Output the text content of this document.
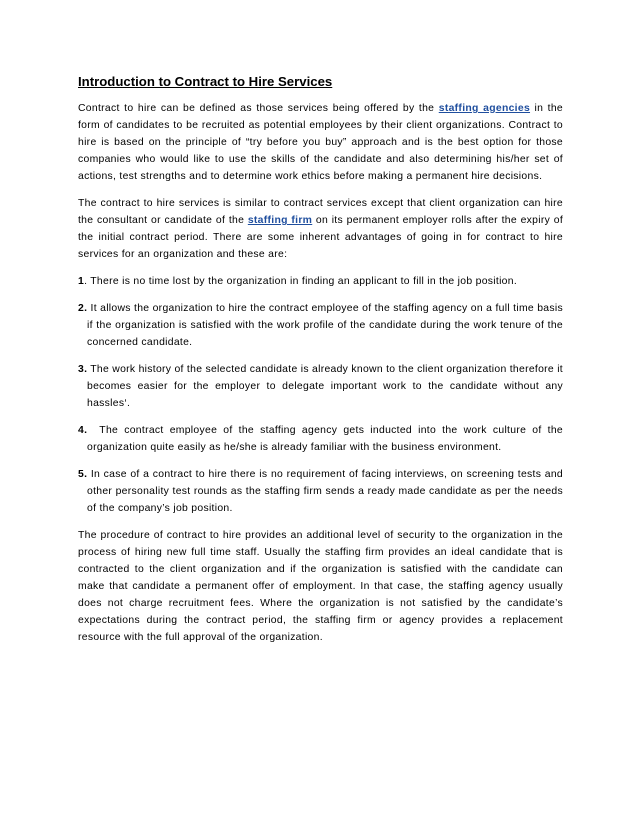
Introduction to Contract to Hire Services

Contract to hire can be defined as those services being offered by the staffing agencies in the form of candidates to be recruited as potential employees by their client organizations. Contract to hire is based on the principle of “try before you buy” approach and is the best option for those companies who would like to use the skills of the candidate and also determining his/her set of actions, test strengths and to determine work ethics before making a permanent hire decisions.

The contract to hire services is similar to contract services except that client organization can hire the consultant or candidate of the staffing firm on its permanent employer rolls after the expiry of the initial contract period. There are some inherent advantages of going in for contract to hire services for an organization and these are:

1. There is no time lost by the organization in finding an applicant to fill in the job position.
2. It allows the organization to hire the contract employee of the staffing agency on a full time basis if the organization is satisfied with the work profile of the candidate during the work tenure of the concerned candidate.
3. The work history of the selected candidate is already known to the client organization therefore it becomes easier for the employer to delegate important work to the candidate without any hassles‘.
4.  The contract employee of the staffing agency gets inducted into the work culture of the organization quite easily as he/she is already familiar with the business environment.
5. In case of a contract to hire there is no requirement of facing interviews, on screening tests and other personality test rounds as the staffing firm sends a ready made candidate as per the needs of the company’s job position.

The procedure of contract to hire provides an additional level of security to the organization in the process of hiring new full time staff. Usually the staffing firm provides an ideal candidate that is contracted to the client organization and if the organization is satisfied with the candidate can make that candidate a permanent offer of employment. In that case, the staffing agency usually does not charge recruitment fees. Where the organization is not satisfied by the candidate’s expectations during the contract period, the staffing firm or agency provides a replacement resource with the full approval of the organization.
